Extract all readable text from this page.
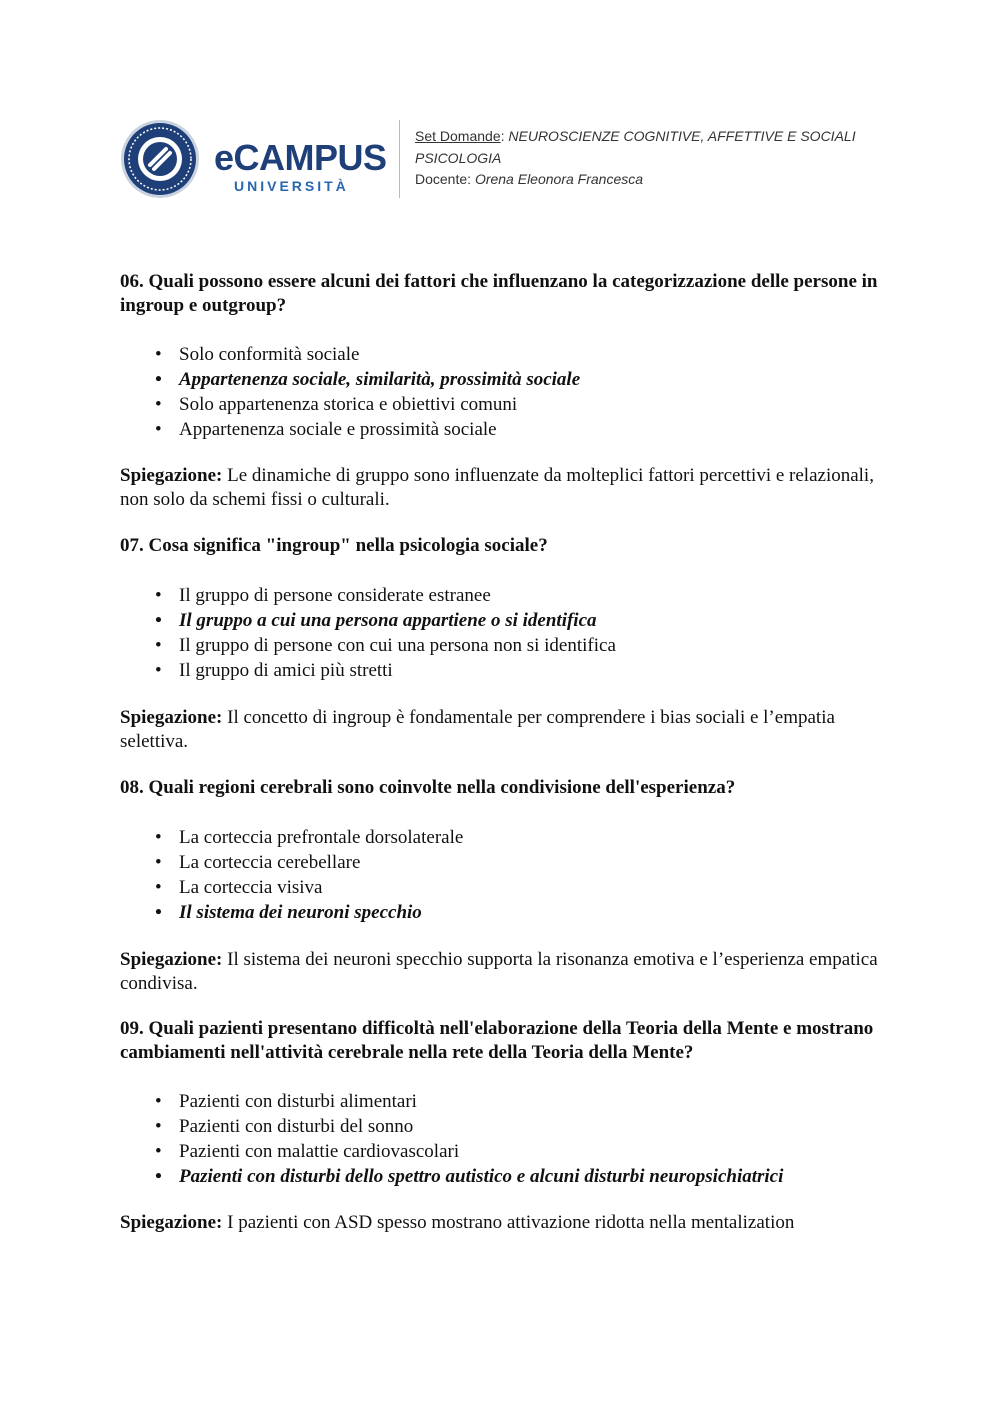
eCAMPUS
UNIVERSITÀ
Set Domande: NEUROSCIENZE COGNITIVE, AFFETTIVE E SOCIALI
PSICOLOGIA
Docente: Orena Eleonora Francesca

06. Quali possono essere alcuni dei fattori che influenzano la categorizzazione delle persone in ingroup e outgroup?

• Solo conformità sociale
• Appartenenza sociale, similarità, prossimità sociale
• Solo appartenenza storica e obiettivi comuni
• Appartenenza sociale e prossimità sociale

Spiegazione: Le dinamiche di gruppo sono influenzate da molteplici fattori percettivi e relazionali, non solo da schemi fissi o culturali.

07. Cosa significa "ingroup" nella psicologia sociale?

• Il gruppo di persone considerate estranee
• Il gruppo a cui una persona appartiene o si identifica
• Il gruppo di persone con cui una persona non si identifica
• Il gruppo di amici più stretti

Spiegazione: Il concetto di ingroup è fondamentale per comprendere i bias sociali e l’empatia selettiva.

08. Quali regioni cerebrali sono coinvolte nella condivisione dell'esperienza?

• La corteccia prefrontale dorsolaterale
• La corteccia cerebellare
• La corteccia visiva
• Il sistema dei neuroni specchio

Spiegazione: Il sistema dei neuroni specchio supporta la risonanza emotiva e l’esperienza empatica condivisa.

09. Quali pazienti presentano difficoltà nell'elaborazione della Teoria della Mente e mostrano cambiamenti nell'attività cerebrale nella rete della Teoria della Mente?

• Pazienti con disturbi alimentari
• Pazienti con disturbi del sonno
• Pazienti con malattie cardiovascolari
• Pazienti con disturbi dello spettro autistico e alcuni disturbi neuropsichiatrici

Spiegazione: I pazienti con ASD spesso mostrano attivazione ridotta nella mentalization
